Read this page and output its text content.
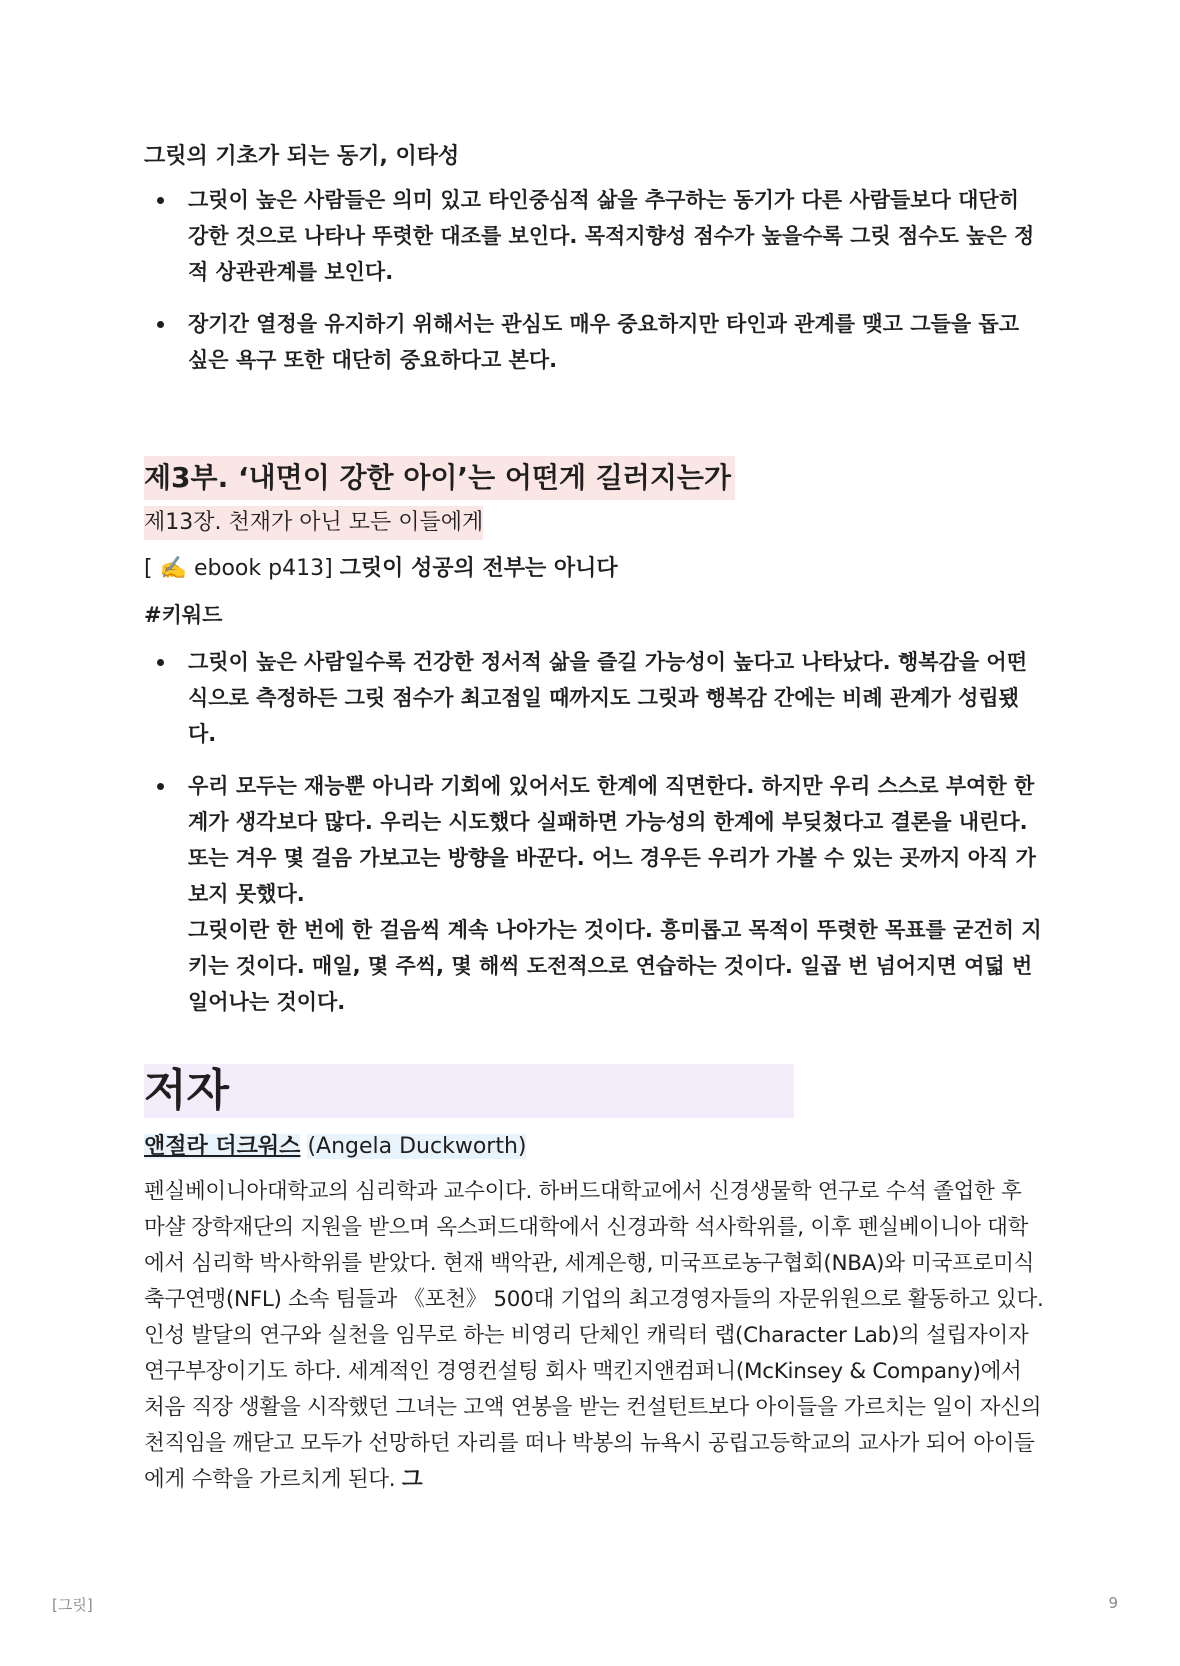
그릿의 기초가 되는 동기, 이타성
그릿이 높은 사람들은 의미 있고 타인중심적 삶을 추구하는 동기가 다른 사람들보다 대단히 강한 것으로 나타나 뚜렷한 대조를 보인다. 목적지향성 점수가 높을수록 그릿 점수도 높은 정적 상관관계를 보인다.
장기간 열정을 유지하기 위해서는 관심도 매우 중요하지만 타인과 관계를 맺고 그들을 돕고 싶은 욕구 또한 대단히 중요하다고 본다.
제3부. ‘내면이 강한 아이’는 어떤게 길러지는가
제13장. 천재가 아닌 모든 이들에게
[ ✍️ ebook p413] 그릿이 성공의 전부는 아니다
#키워드
그릿이 높은 사람일수록 건강한 정서적 삶을 즐길 가능성이 높다고 나타났다. 행복감을 어떤 식으로 측정하든 그릿 점수가 최고점일 때까지도 그릿과 행복감 간에는 비례 관계가 성립됐다.
우리 모두는 재능뿐 아니라 기회에 있어서도 한계에 직면한다. 하지만 우리 스스로 부여한 한계가 생각보다 많다. 우리는 시도했다 실패하면 가능성의 한계에 부딪쳤다고 결론을 내린다. 또는 겨우 몇 걸음 가보고는 방향을 바꾼다. 어느 경우든 우리가 가볼 수 있는 곳까지 아직 가보지 못했다.
그릿이란 한 번에 한 걸음씩 계속 나아가는 것이다. 흥미롭고 목적이 뚜렷한 목표를 굳건히 지키는 것이다. 매일, 몇 주씩, 몇 해씩 도전적으로 연습하는 것이다. 일곱 번 넘어지면 여덟 번 일어나는 것이다.
저자
앤절라 더크워스 (Angela Duckworth)
펜실베이니아대학교의 심리학과 교수이다. 하버드대학교에서 신경생물학 연구로 수석 졸업한 후 마샬 장학재단의 지원을 받으며 옥스퍼드대학에서 신경과학 석사학위를, 이후 펜실베이니아 대학에서 심리학 박사학위를 받았다. 현재 백악관, 세계은행, 미국프로농구협회(NBA)와 미국프로미식축구연맹(NFL) 소속 팀들과 《포천》 500대 기업의 최고경영자들의 자문위원으로 활동하고 있다. 인성 발달의 연구와 실천을 임무로 하는 비영리 단체인 캐릭터 랩(Character Lab)의 설립자이자 연구부장이기도 하다. 세계적인 경영컨설팅 회사 맥킨지앤컴퍼니(McKinsey & Company)에서 처음 직장 생활을 시작했던 그녀는 고액 연봉을 받는 컨설턴트보다 아이들을 가르치는 일이 자신의 천직임을 깨닫고 모두가 선망하던 자리를 떠나 박봉의 뉴욕시 공립고등학교의 교사가 되어 아이들에게 수학을 가르치게 된다. 그
[그릿]	9
